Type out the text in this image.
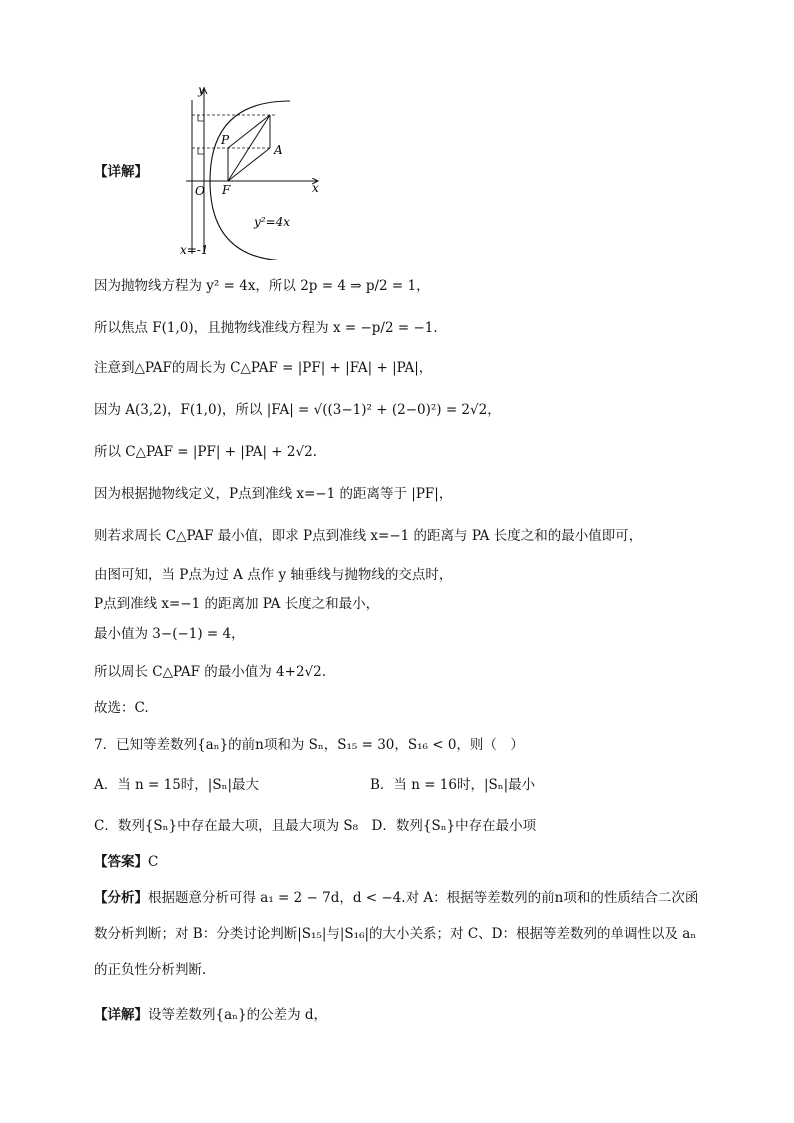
【详解】
y
x
O F
P
A
y²=4x
x=-1
因为抛物线方程为 y² = 4x，所以 2p = 4 ⇒ p/2 = 1，
所以焦点 F(1,0)，且抛物线准线方程为 x = −p/2 = −1.
注意到△PAF的周长为 C△PAF = |PF| + |FA| + |PA|，
因为 A(3,2)，F(1,0)，所以 |FA| = √((3−1)² + (2−0)²) = 2√2，
所以 C△PAF = |PF| + |PA| + 2√2.
因为根据抛物线定义，P点到准线 x=−1 的距离等于 |PF|，
则若求周长 C△PAF 最小值，即求 P点到准线 x=−1 的距离与 PA 长度之和的最小值即可，
由图可知，当 P点为过 A 点作 y 轴垂线与抛物线的交点时，
P点到准线 x=−1 的距离加 PA 长度之和最小，
最小值为 3−(−1) = 4，
所以周长 C△PAF 的最小值为 4+2√2.
故选：C.
7．已知等差数列{aₙ}的前n项和为 Sₙ，S₁₅ = 30，S₁₆ < 0，则（　）
A．当 n = 15时，|Sₙ|最大	B．当 n = 16时，|Sₙ|最小
C．数列{Sₙ}中存在最大项，且最大项为 S₈　D．数列{Sₙ}中存在最小项
【答案】C
【分析】根据题意分析可得 a₁ = 2 − 7d，d < −4.对 A：根据等差数列的前n项和的性质结合二次函数分析判断；对 B：分类讨论判断|S₁₅|与|S₁₆|的大小关系；对 C、D：根据等差数列的单调性以及 aₙ 的正负性分析判断.
【详解】设等差数列{aₙ}的公差为 d，
